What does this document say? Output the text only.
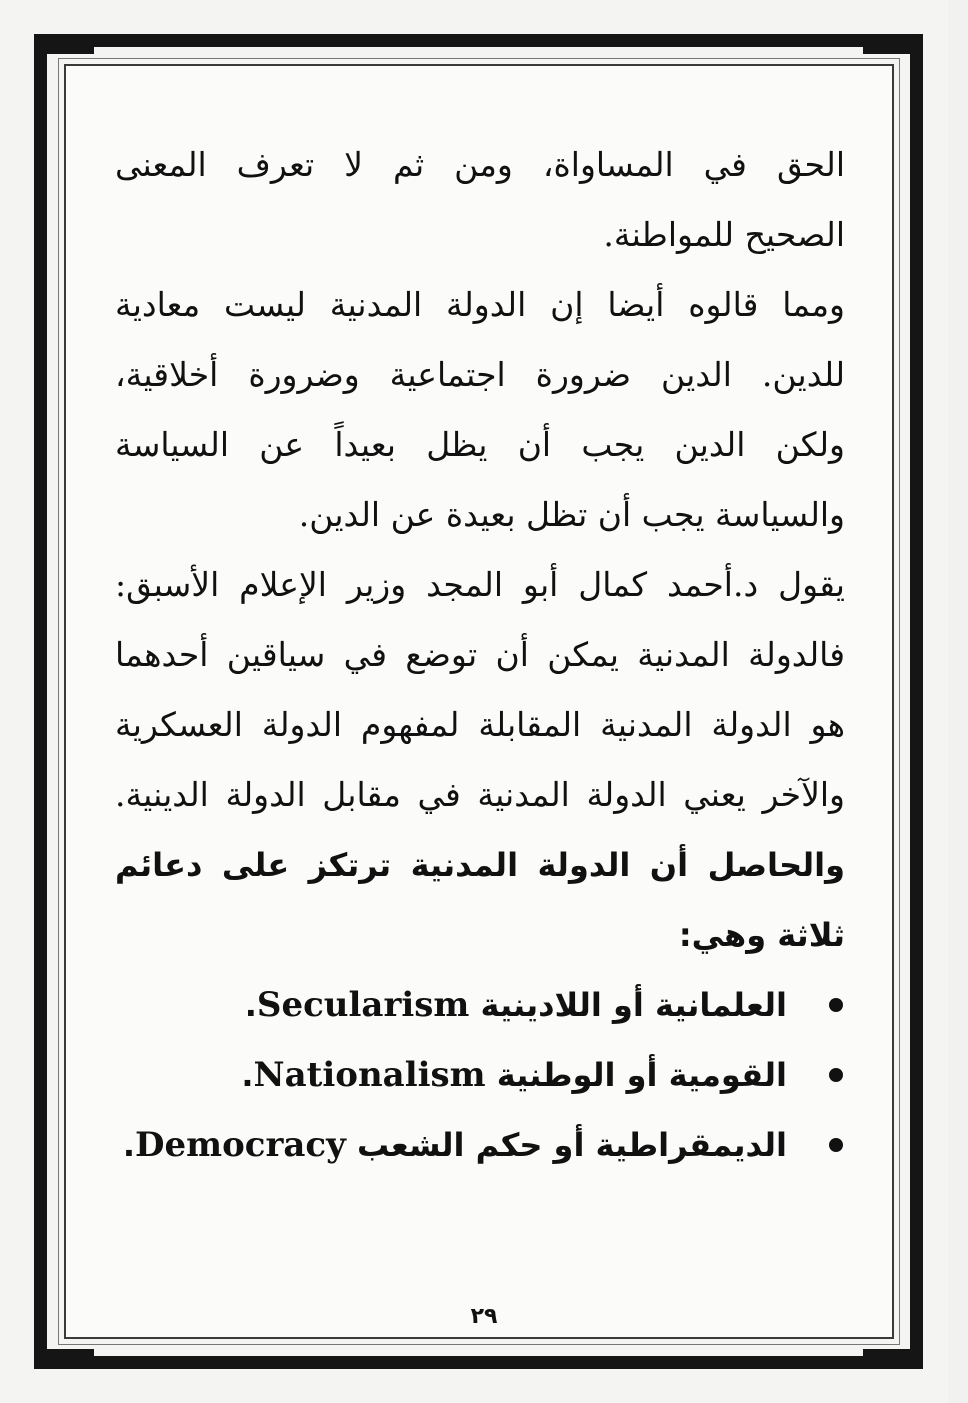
الحق في المساواة، ومن ثم لا تعرف المعنى
الصحيح للمواطنة.
ومما قالوه أيضا إن الدولة المدنية ليست معادية
للدين. الدين ضرورة اجتماعية وضرورة أخلاقية،
ولكن الدين يجب أن يظل بعيداً عن السياسة
والسياسة يجب أن تظل بعيدة عن الدين.
يقول د.أحمد كمال أبو المجد وزير الإعلام الأسبق:
فالدولة المدنية يمكن أن توضع في سياقين أحدهما
هو الدولة المدنية المقابلة لمفهوم الدولة العسكرية
والآخر يعني الدولة المدنية في مقابل الدولة الدينية.
والحاصل أن الدولة المدنية ترتكز على دعائم
ثلاثة وهي:
العلمانية أو اللادينية

Secularism
.
القومية أو الوطنية

Nationalism
.
الديمقراطية أو حكم الشعب

Democracy
.
٢٩
